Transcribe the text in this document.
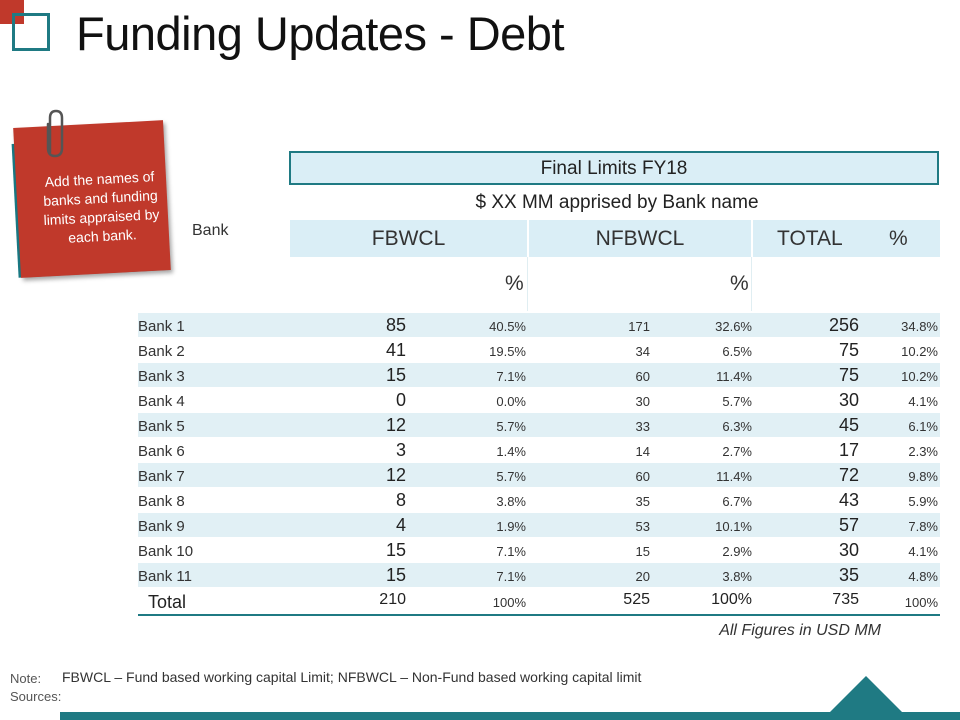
Funding Updates - Debt
Add the names of banks and funding limits appraised by each bank.	Bank
Final Limits FY18
$ XX MM apprised by Bank name
FBWCL	NFBWCL	TOTAL %
%	%
Bank 1	85	40.5%	171	32.6%	256	34.8%
Bank 2	41	19.5%	34	6.5%	75	10.2%
Bank 3	15	7.1%	60	11.4%	75	10.2%
Bank 4	0	0.0%	30	5.7%	30	4.1%
Bank 5	12	5.7%	33	6.3%	45	6.1%
Bank 6	3	1.4%	14	2.7%	17	2.3%
Bank 7	12	5.7%	60	11.4%	72	9.8%
Bank 8	8	3.8%	35	6.7%	43	5.9%
Bank 9	4	1.9%	53	10.1%	57	7.8%
Bank 10	15	7.1%	15	2.9%	30	4.1%
Bank 11	15	7.1%	20	3.8%	35	4.8%
Total	210	100%	525	100%	735	100%
All Figures in USD MM
Note: FBWCL – Fund based working capital Limit; NFBWCL – Non-Fund based working capital limit
Sources:
